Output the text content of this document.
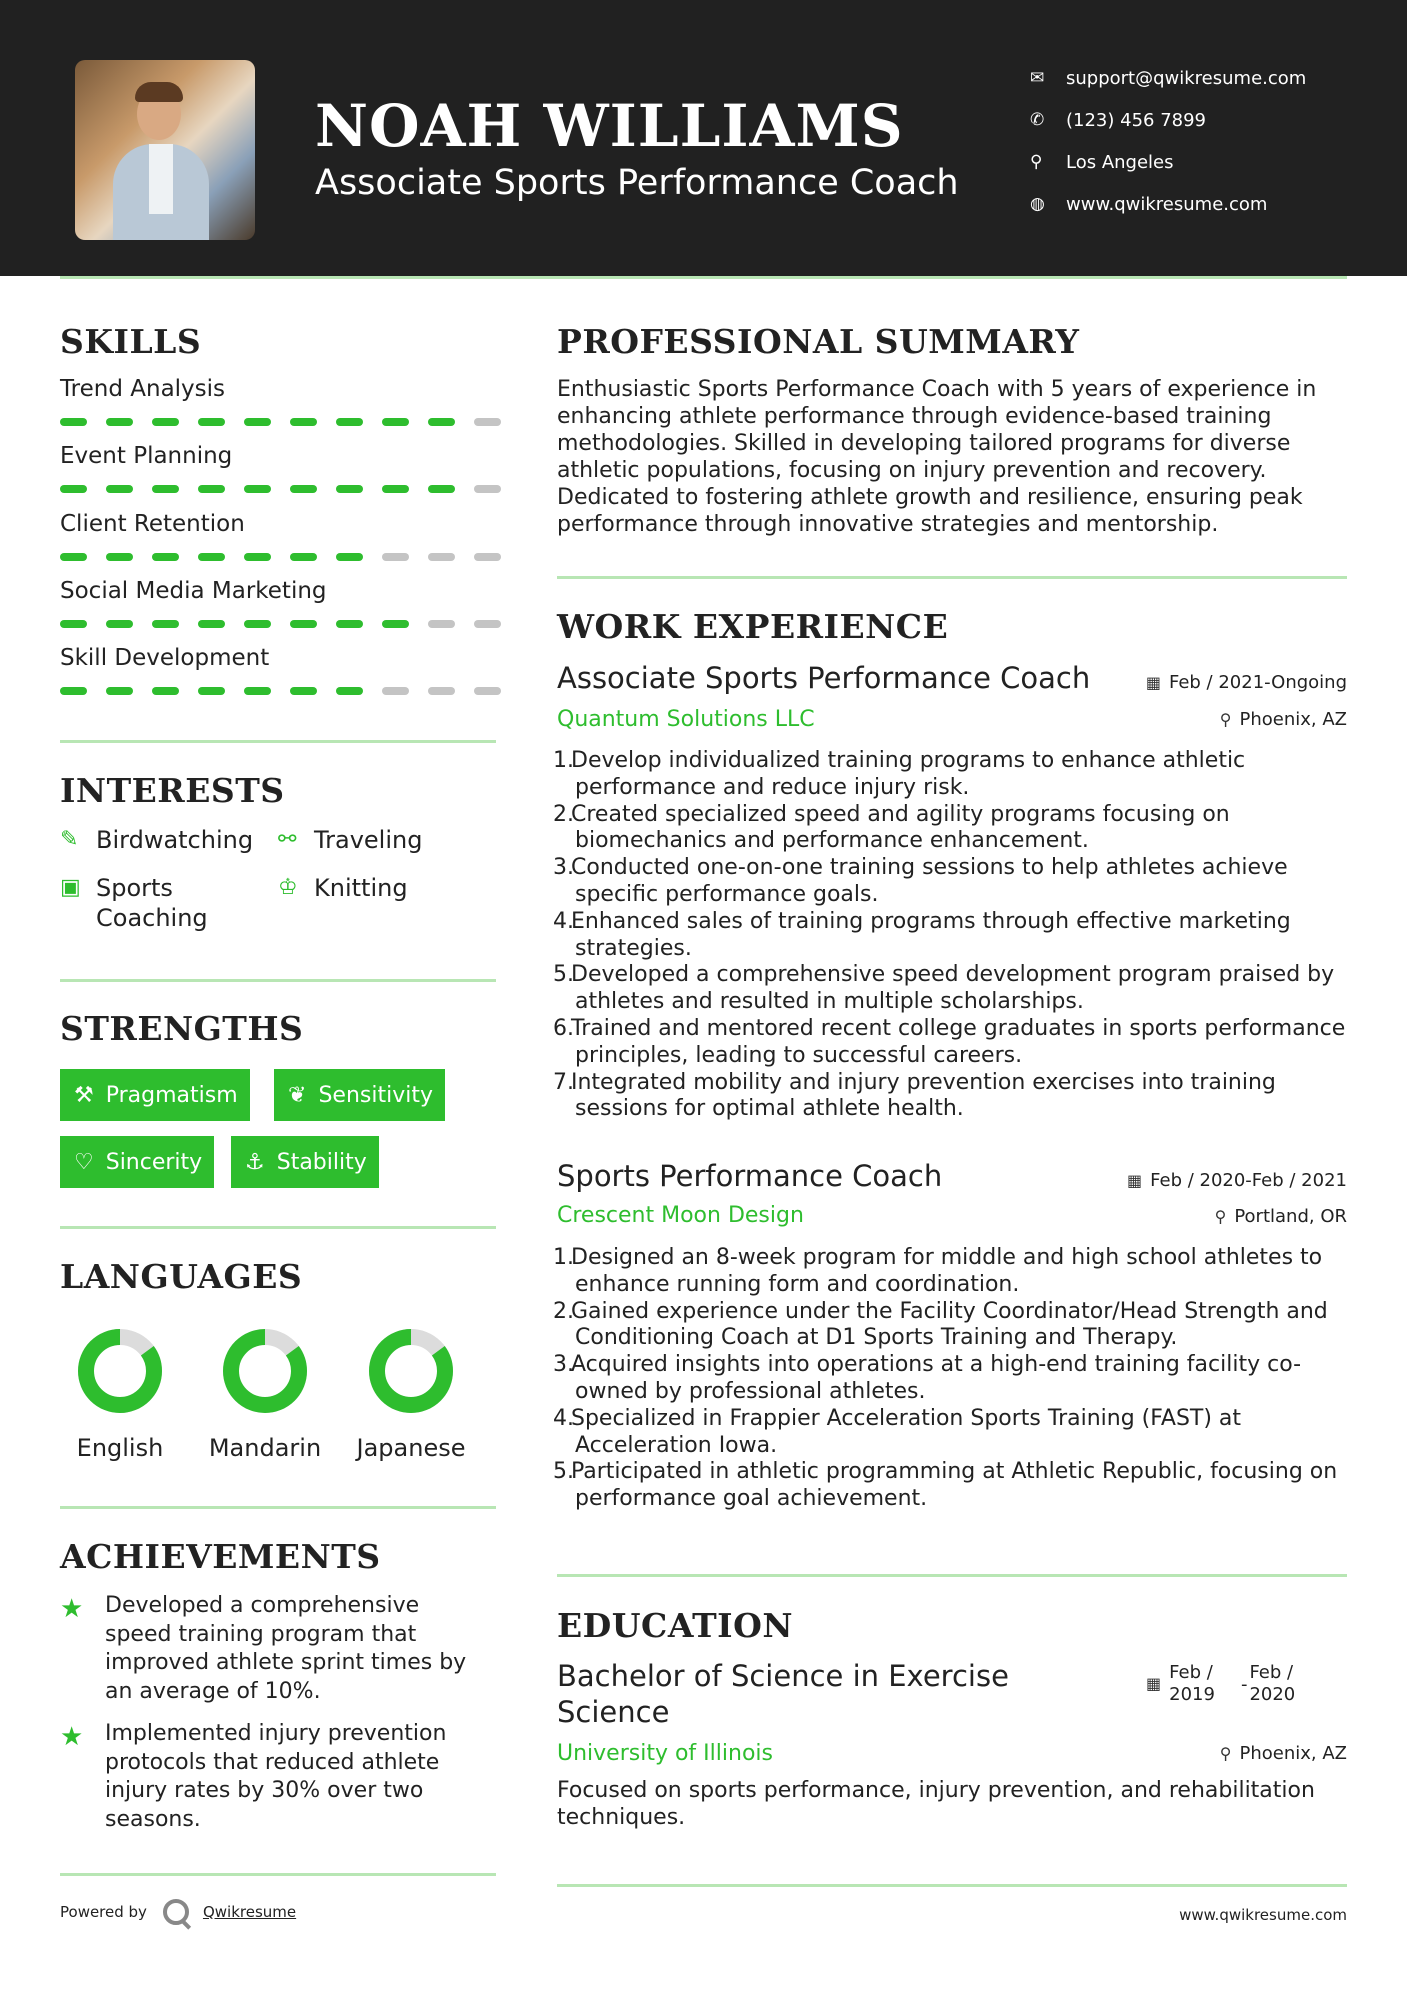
NOAH WILLIAMS
Associate Sports Performance Coach
✉	support@qwikresume.com
✆	(123) 456 7899
⚲	Los Angeles
◍	www.qwikresume.com
SKILLS
Trend Analysis
Event Planning
Client Retention
Social Media Marketing
Skill Development
INTERESTS
✎ Birdwatching ⚯ Traveling
▣ Sports
Coaching
♔ Knitting
STRENGTHS
⚒ Pragmatism ❦ Sensitivity
♡ Sincerity ⚓ Stability
LANGUAGES
English	Mandarin	Japanese
ACHIEVEMENTS
★ Developed a comprehensive speed training program that improved athlete sprint times by an average of 10%.
★ Implemented injury prevention protocols that reduced athlete injury rates by 30% over two seasons.
PROFESSIONAL SUMMARY
Enthusiastic Sports Performance Coach with 5 years of experience in enhancing athlete performance through evidence-based training methodologies. Skilled in developing tailored programs for diverse athletic populations, focusing on injury prevention and recovery. Dedicated to fostering athlete growth and resilience, ensuring peak performance through innovative strategies and mentorship.
WORK EXPERIENCE
Associate Sports Performance Coach	▦ Feb / 2021-Ongoing
Quantum Solutions LLC	⚲ Phoenix, AZ
1.Develop individualized training programs to enhance athletic performance and reduce injury risk.
2.Created specialized speed and agility programs focusing on biomechanics and performance enhancement.
3.Conducted one-on-one training sessions to help athletes achieve specific performance goals.
4.Enhanced sales of training programs through effective marketing strategies.
5.Developed a comprehensive speed development program praised by athletes and resulted in multiple scholarships.
6.Trained and mentored recent college graduates in sports performance principles, leading to successful careers.
7.Integrated mobility and injury prevention exercises into training sessions for optimal athlete health.
Sports Performance Coach	▦ Feb / 2020-Feb / 2021
Crescent Moon Design	⚲ Portland, OR
1.Designed an 8-week program for middle and high school athletes to enhance running form and coordination.
2.Gained experience under the Facility Coordinator/Head Strength and Conditioning Coach at D1 Sports Training and Therapy.
3.Acquired insights into operations at a high-end training facility co-owned by professional athletes.
4.Specialized in Frappier Acceleration Sports Training (FAST) at Acceleration Iowa.
5.Participated in athletic programming at Athletic Republic, focusing on performance goal achievement.
EDUCATION
Bachelor of Science in Exercise
Science
▦
Feb /
2019 -
Feb /
2020
University of Illinois	⚲ Phoenix, AZ
Focused on sports performance, injury prevention, and rehabilitation techniques.
Powered by	Qwikresume	www.qwikresume.com
